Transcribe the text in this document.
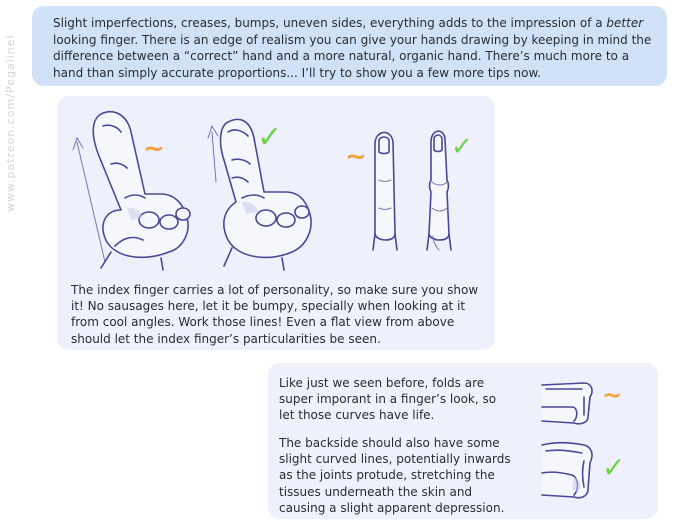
www.patreon.com/Pegalinel
Slight imperfections, creases, bumps, uneven sides, everything adds to the impression of a better looking finger. There is an edge of realism you can give your hands drawing by keeping in mind the difference between a “correct” hand and a more natural, organic hand. There’s much more to a hand than simply accurate proportions... I’ll try to show you a few more tips now.
~	✓
~	✓
The index finger carries a lot of personality, so make sure you show it! No sausages here, let it be bumpy, specially when looking at it from cool angles. Work those lines! Even a flat view from above should let the index finger’s particularities be seen.
Like just we seen before, folds are super imporant in a finger’s look, so let those curves have life.
The backside should also have some slight curved lines, potentially inwards as the joints protude, stretching the tissues underneath the skin and causing a slight apparent depression.
~
✓
